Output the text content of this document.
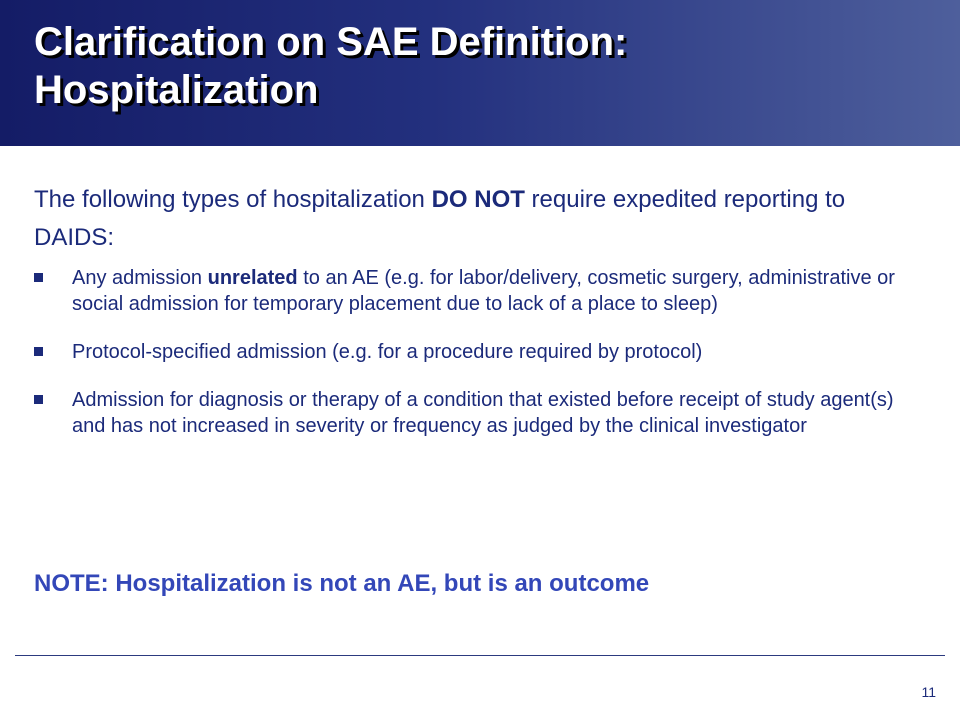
Clarification on SAE Definition:
Hospitalization

The following types of hospitalization DO NOT require expedited reporting to DAIDS:

Any admission unrelated to an AE (e.g. for labor/delivery, cosmetic surgery, administrative or social admission for temporary placement due to lack of a place to sleep)
Protocol-specified admission (e.g. for a procedure required by protocol)
Admission for diagnosis or therapy of a condition that existed before receipt of study agent(s) and has not increased in severity or frequency as judged by the clinical investigator

NOTE: Hospitalization is not an AE, but is an outcome

11
